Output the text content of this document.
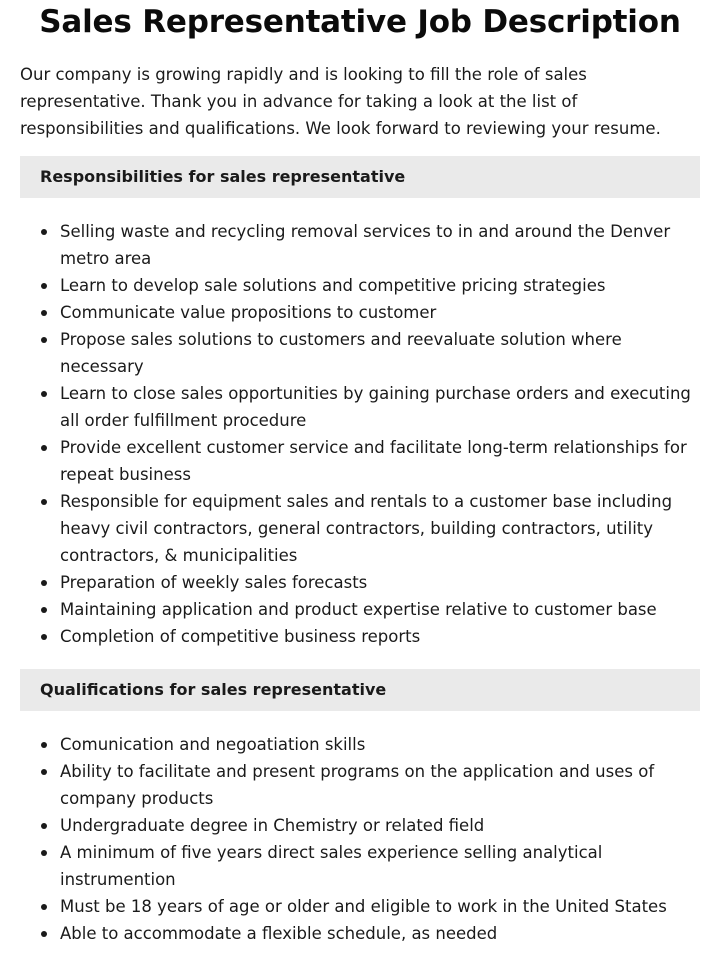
Sales Representative Job Description

Our company is growing rapidly and is looking to fill the role of sales representative. Thank you in advance for taking a look at the list of responsibilities and qualifications. We look forward to reviewing your resume.

Responsibilities for sales representative
Selling waste and recycling removal services to in and around the Denver metro area
Learn to develop sale solutions and competitive pricing strategies
Communicate value propositions to customer
Propose sales solutions to customers and reevaluate solution where necessary
Learn to close sales opportunities by gaining purchase orders and executing all order fulfillment procedure
Provide excellent customer service and facilitate long-term relationships for repeat business
Responsible for equipment sales and rentals to a customer base including heavy civil contractors, general contractors, building contractors, utility contractors, & municipalities
Preparation of weekly sales forecasts
Maintaining application and product expertise relative to customer base
Completion of competitive business reports
Qualifications for sales representative
Comunication and negoatiation skills
Ability to facilitate and present programs on the application and uses of company products
Undergraduate degree in Chemistry or related field
A minimum of five years direct sales experience selling analytical instrumention
Must be 18 years of age or older and eligible to work in the United States
Able to accommodate a flexible schedule, as needed
